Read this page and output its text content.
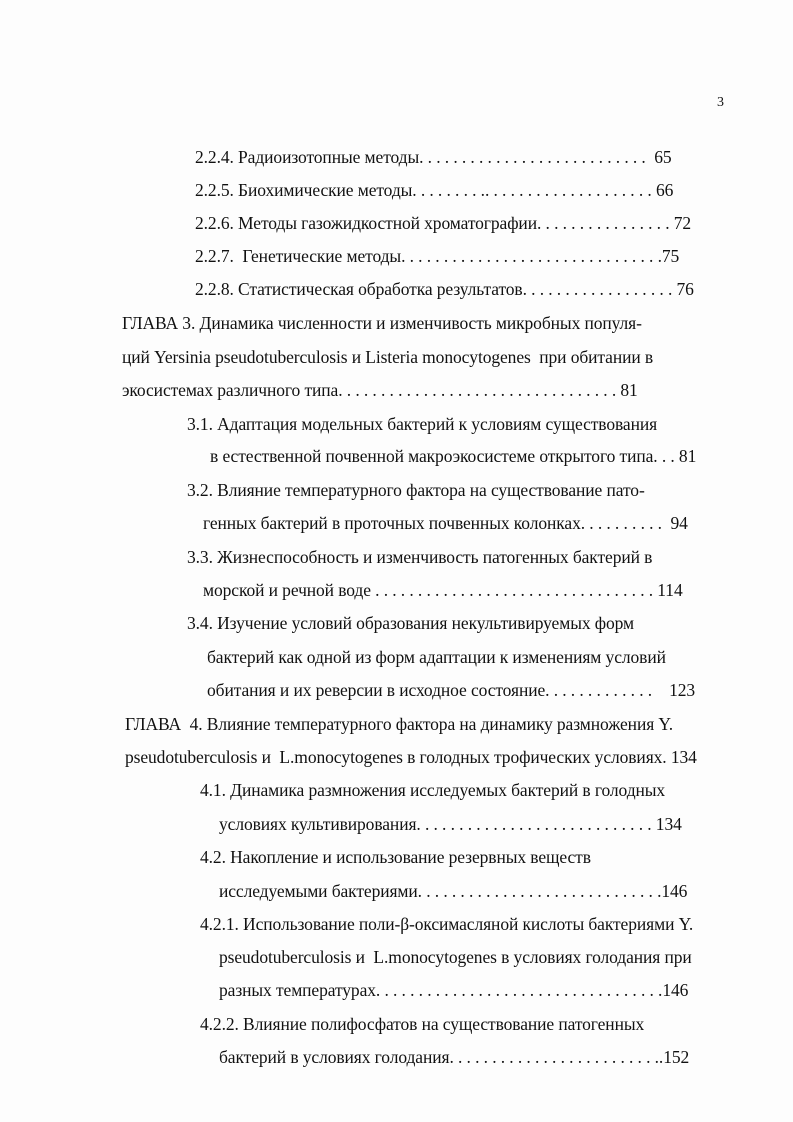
3
2.2.4. Радиоизотопные методы. . . . . . . . . . . . . . . . . . . . . . . . . . .  65
2.2.5. Биохимические методы. . . . . . . . .. . . . . . . . . . . . . . . . . . . . 66
2.2.6. Методы газожидкостной хроматографии. . . . . . . . . . . . . . . . 72
2.2.7.  Генетические методы. . . . . . . . . . . . . . . . . . . . . . . . . . . . . . .75
2.2.8. Статистическая обработка результатов. . . . . . . . . . . . . . . . . . 76
ГЛАВА 3. Динамика численности и изменчивость микробных популя-
ций Yersinia pseudotuberculosis и Listeria monocytogenes  при обитании в
экосистемах различного типа. . . . . . . . . . . . . . . . . . . . . . . . . . . . . . . . . 81
3.1. Адаптация модельных бактерий к условиям существования
в естественной почвенной макроэкосистеме открытого типа. . . 81
3.2. Влияние температурного фактора на существование пато-
генных бактерий в проточных почвенных колонках. . . . . . . . . .  94
3.3. Жизнеспособность и изменчивость патогенных бактерий в
морской и речной воде . . . . . . . . . . . . . . . . . . . . . . . . . . . . . . . . . 114
3.4. Изучение условий образования некультивируемых форм
бактерий как одной из форм адаптации к изменениям условий
обитания и их реверсии в исходное состояние. . . . . . . . . . . . .    123
ГЛАВА  4. Влияние температурного фактора на динамику размножения Y.
pseudotuberculosis и  L.monocytogenes в голодных трофических условиях. 134
4.1. Динамика размножения исследуемых бактерий в голодных
условиях культивирования. . . . . . . . . . . . . . . . . . . . . . . . . . . . 134
4.2. Накопление и использование резервных веществ
исследуемыми бактериями. . . . . . . . . . . . . . . . . . . . . . . . . . . . .146
4.2.1. Использование поли-β-оксимасляной кислоты бактериями Y.
pseudotuberculosis и  L.monocytogenes в условиях голодания при
разных температурах. . . . . . . . . . . . . . . . . . . . . . . . . . . . . . . . . .146
4.2.2. Влияние полифосфатов на существование патогенных
бактерий в условиях голодания. . . . . . . . . . . . . . . . . . . . . . . . ..152
